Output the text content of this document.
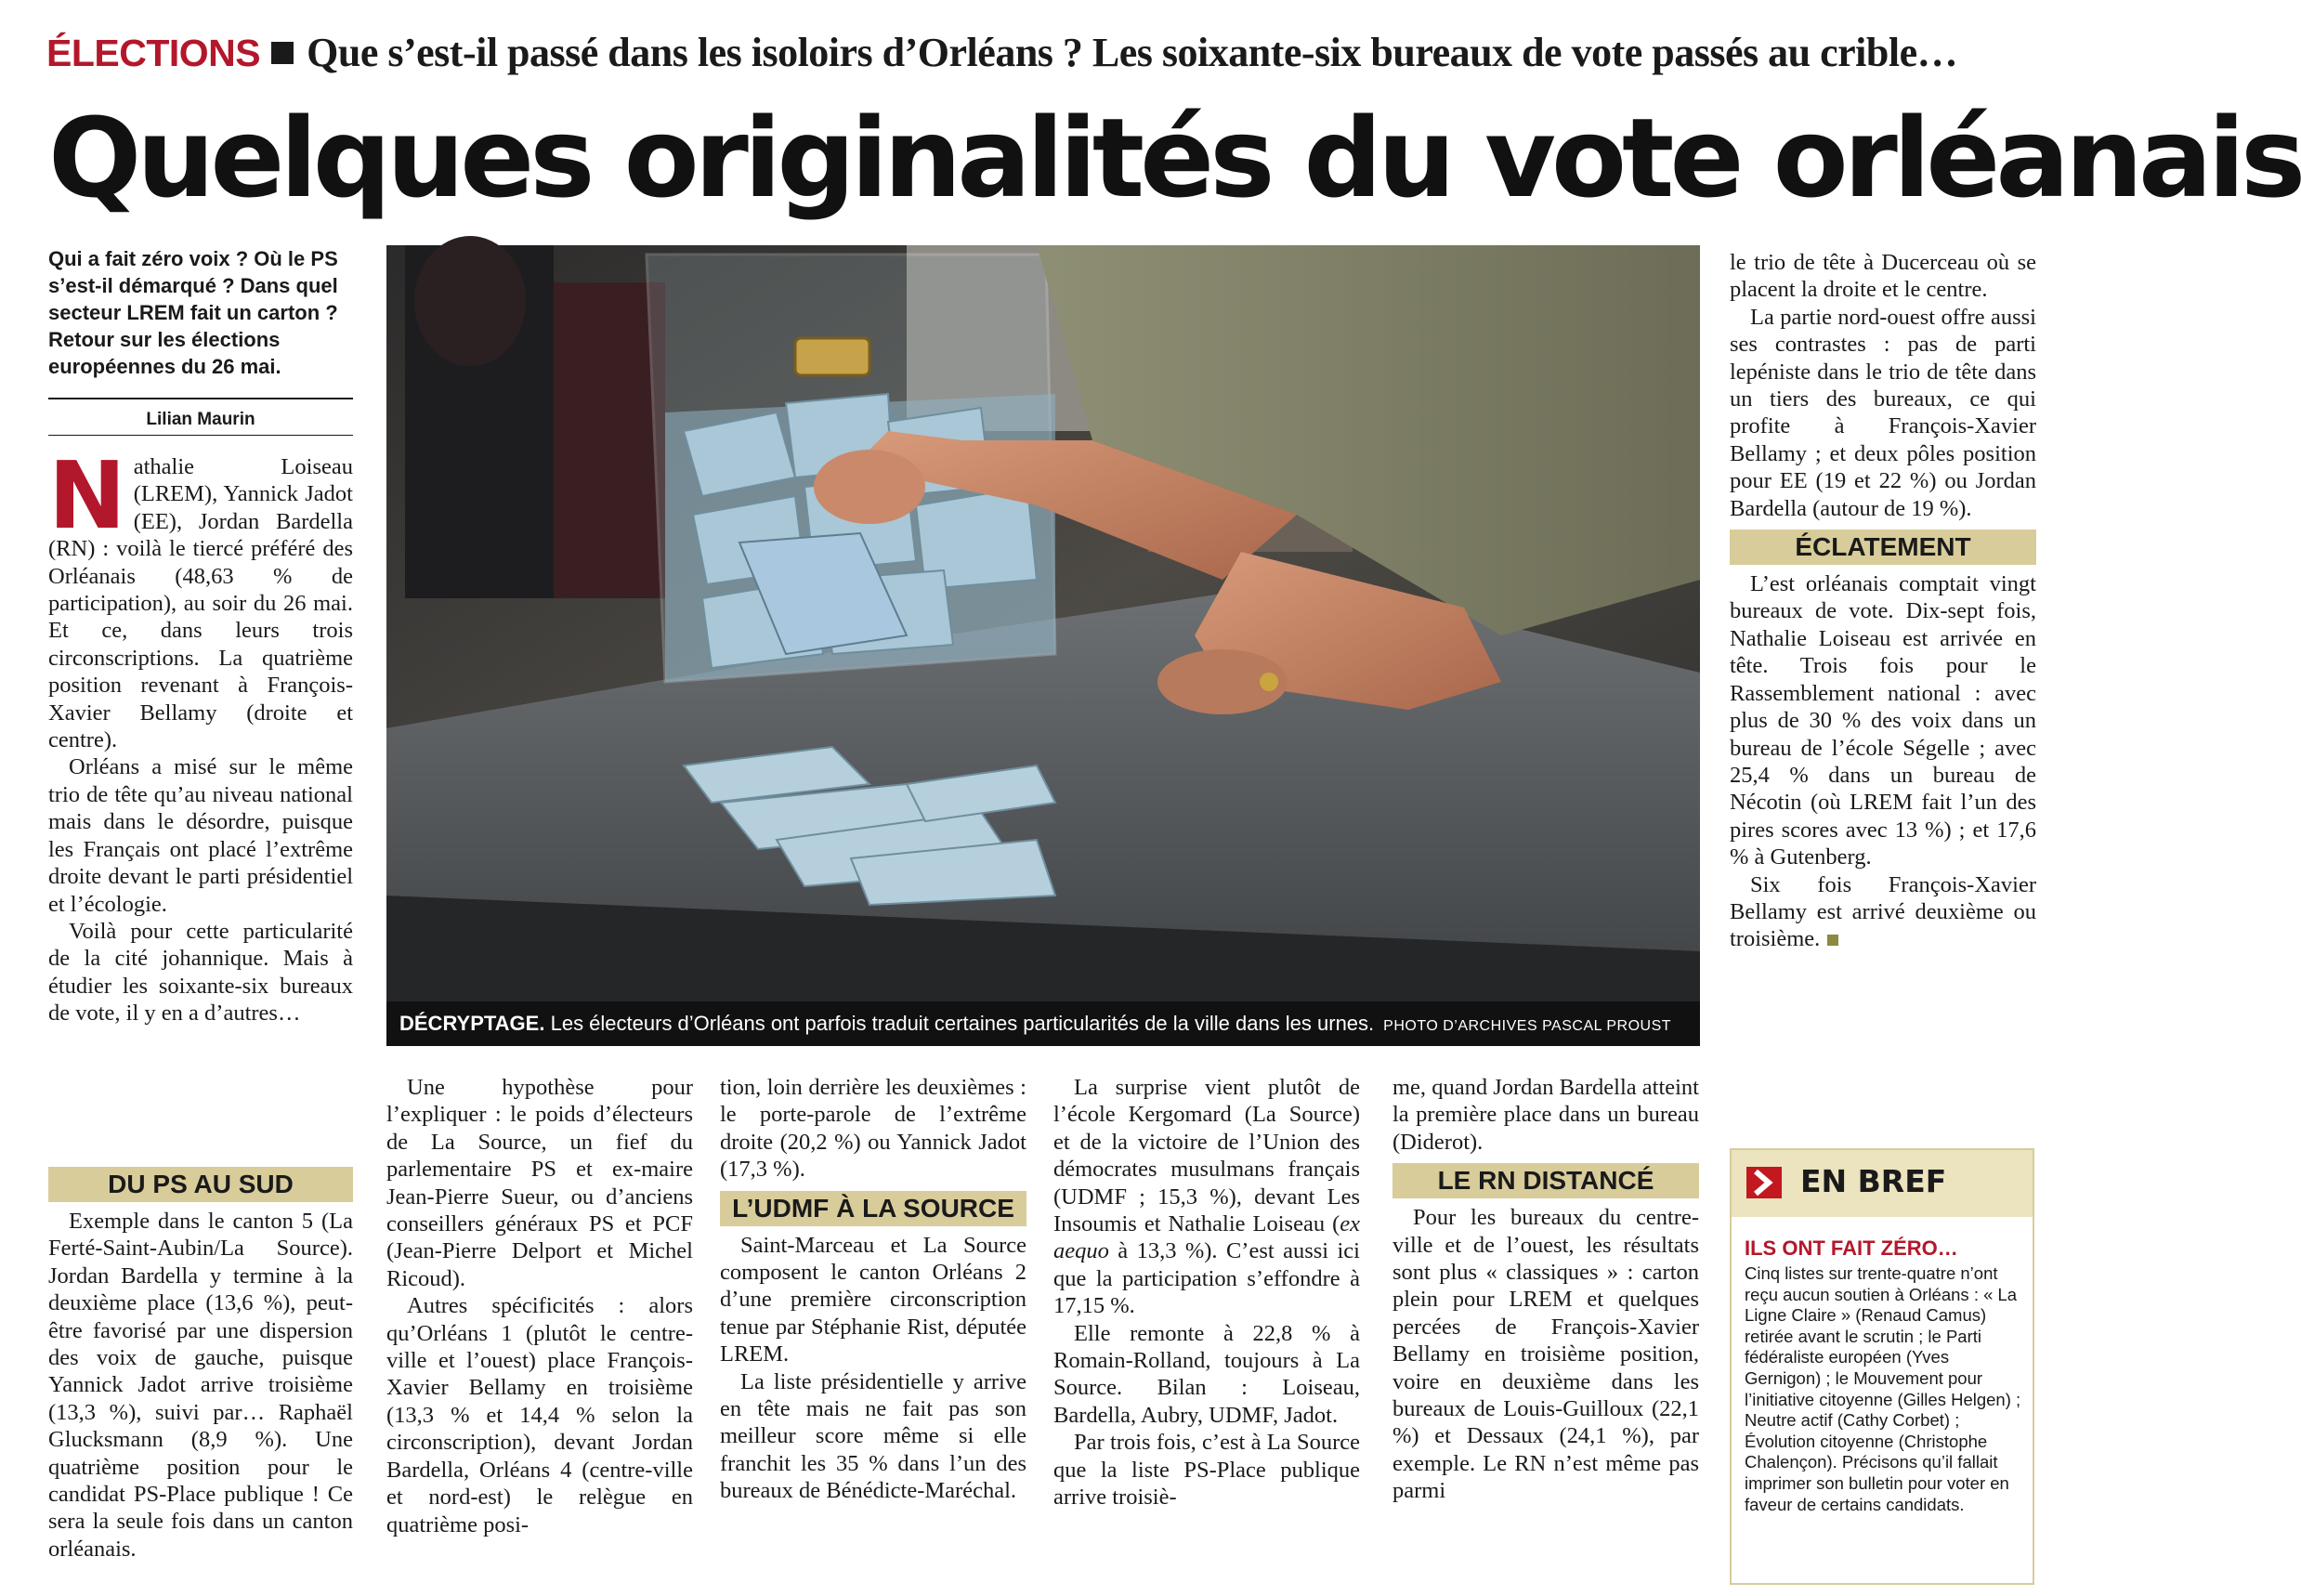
ÉLECTIONS Que s’est-il passé dans les isoloirs d’Orléans ? Les soixante-six bureaux de vote passés au crible…
Quelques originalités du vote orléanais
Qui a fait zéro voix ? Où le PS s’est-il démarqué ? Dans quel secteur LREM fait un carton ? Retour sur les élections européennes du 26 mai.
Lilian Maurin

Nathalie Loiseau (LREM), Yannick Jadot (EE), Jordan Bardella (RN) : voilà le tiercé préféré des Orléanais (48,63 % de participation), au soir du 26 mai. Et ce, dans leurs trois circonscriptions. La quatrième position revenant à François-Xavier Bellamy (droite et centre).

Orléans a misé sur le même trio de tête qu’au niveau national mais dans le désordre, puisque les Français ont placé l’extrême droite devant le parti présidentiel et l’écologie.

Voilà pour cette particularité de la cité johannique. Mais à étudier les soixante-six bureaux de vote, il y en a d’autres…

DU PS AU SUD

Exemple dans le canton 5 (La Ferté-Saint-Aubin/La Source). Jordan Bardella y termine à la deuxième place (13,6 %), peut-être favorisé par une dispersion des voix de gauche, puisque Yannick Jadot arrive troisième (13,3 %), suivi par… Raphaël Glucksmann (8,9 %). Une quatrième position pour le candidat PS-Place publique ! Ce sera la seule fois dans un canton orléanais.

DÉCRYPTAGE. Les électeurs d’Orléans ont parfois traduit certaines particularités de la ville dans les urnes. PHOTO D’ARCHIVES PASCAL PROUST

Une hypothèse pour l’expliquer : le poids d’électeurs de La Source, un fief du parlementaire PS et ex-maire Jean-Pierre Sueur, ou d’anciens conseillers généraux PS et PCF (Jean-Pierre Delport et Michel Ricoud).

Autres spécificités : alors qu’Orléans 1 (plutôt le centre-ville et l’ouest) place François-Xavier Bellamy en troisième (13,3 % et 14,4 % selon la circonscription), devant Jordan Bardella, Orléans 4 (centre-ville et nord-est) le relègue en quatrième posi-

tion, loin derrière les deuxièmes : le porte-parole de l’extrême droite (20,2 %) ou Yannick Jadot (17,3 %).

L’UDMF À LA SOURCE

Saint-Marceau et La Source composent le canton Orléans 2 d’une première circonscription tenue par Stéphanie Rist, députée LREM.

La liste présidentielle y arrive en tête mais ne fait pas son meilleur score même si elle franchit les 35 % dans l’un des bureaux de Bénédicte-Maréchal.

La surprise vient plutôt de l’école Kergomard (La Source) et de la victoire de l’Union des démocrates musulmans français (UDMF ; 15,3 %), devant Les Insoumis et Nathalie Loiseau (ex aequo à 13,3 %). C’est aussi ici que la participation s’effondre à 17,15 %.

Elle remonte à 22,8 % à Romain-Rolland, toujours à La Source. Bilan : Loiseau, Bardella, Aubry, UDMF, Jadot.

Par trois fois, c’est à La Source que la liste PS-Place publique arrive troisiè-

me, quand Jordan Bardella atteint la première place dans un bureau (Diderot).

LE RN DISTANCÉ

Pour les bureaux du centre-ville et de l’ouest, les résultats sont plus « classiques » : carton plein pour LREM et quelques percées de François-Xavier Bellamy en troisième position, voire en deuxième dans les bureaux de Louis-Guilloux (22,1 %) et Dessaux (24,1 %), par exemple. Le RN n’est même pas parmi

le trio de tête à Ducerceau où se placent la droite et le centre.

La partie nord-ouest offre aussi ses contrastes : pas de parti lepéniste dans le trio de tête dans un tiers des bureaux, ce qui profite à François-Xavier Bellamy ; et deux pôles position pour EE (19 et 22 %) ou Jordan Bardella (autour de 19 %).

ÉCLATEMENT

L’est orléanais comptait vingt bureaux de vote. Dix-sept fois, Nathalie Loiseau est arrivée en tête. Trois fois pour le Rassemblement national : avec plus de 30 % des voix dans un bureau de l’école Ségelle ; avec 25,4 % dans un bureau de Nécotin (où LREM fait l’un des pires scores avec 13 %) ; et 17,6 % à Gutenberg.

Six fois François-Xavier Bellamy est arrivé deuxième ou troisième.

EN BREF
ILS ONT FAIT ZÉRO…
Cinq listes sur trente-quatre n’ont reçu aucun soutien à Orléans : « La Ligne Claire » (Renaud Camus) retirée avant le scrutin ; le Parti fédéraliste européen (Yves Gernigon) ; le Mouvement pour l’initiative citoyenne (Gilles Helgen) ; Neutre actif (Cathy Corbet) ; Évolution citoyenne (Christophe Chalençon). Précisons qu’il fallait imprimer son bulletin pour voter en faveur de certains candidats.
